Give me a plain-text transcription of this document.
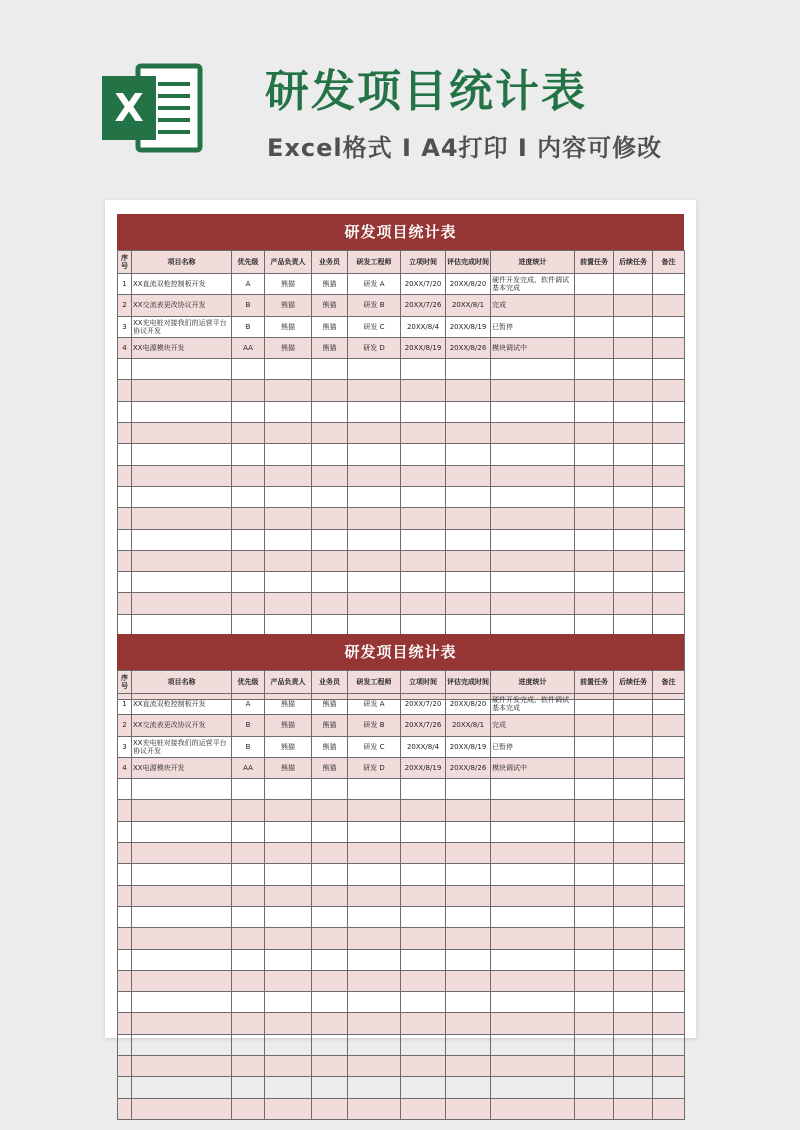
X	研发项目统计表
Excel格式 I A4打印 I 内容可修改
研发项目统计表
序号	项目名称	优先级	产品负责人	业务员	研发工程师	立项时间	评估完成时间	进度统计	前置任务	后续任务	备注
1	XX直流双枪控制板开发	A	熊猫	熊猫	研发 A	20XX/7/20	20XX/8/20	硬件开发完成、软件调试基本完成			
2	XX交流表更改协议开发	B	熊猫	熊猫	研发 B	20XX/7/26	20XX/8/1	完成			
3	XX充电桩对接我们的运营平台协议开发	B	熊猫	熊猫	研发 C	20XX/8/4	20XX/8/19	已暂停			
4	XX电源模块开发	AA	熊猫	熊猫	研发 D	20XX/8/19	20XX/8/26	模块调试中			

研发项目统计表
序号	项目名称	优先级	产品负责人	业务员	研发工程师	立项时间	评估完成时间	进度统计	前置任务	后续任务	备注
1	XX直流双枪控制板开发	A	熊猫	熊猫	研发 A	20XX/7/20	20XX/8/20	硬件开发完成、软件调试基本完成			
2	XX交流表更改协议开发	B	熊猫	熊猫	研发 B	20XX/7/26	20XX/8/1	完成			
3	XX充电桩对接我们的运营平台协议开发	B	熊猫	熊猫	研发 C	20XX/8/4	20XX/8/19	已暂停			
4	XX电源模块开发	AA	熊猫	熊猫	研发 D	20XX/8/19	20XX/8/26	模块调试中			
